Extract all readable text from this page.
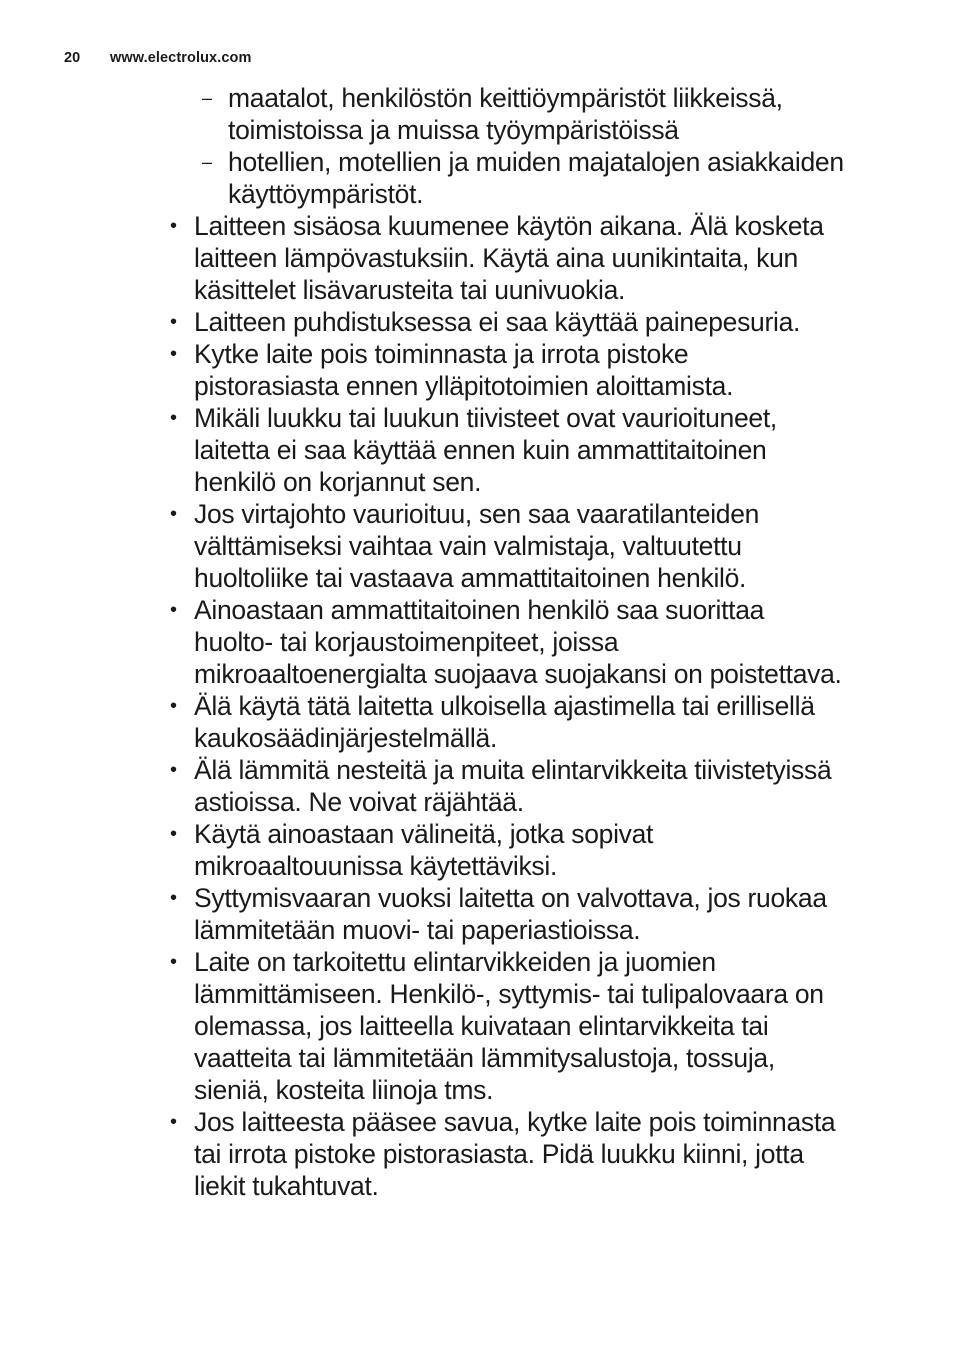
20 www.electrolux.com
– maatalot, henkilöstön keittiöympäristöt liikkeissä,
toimistoissa ja muissa työympäristöissä
– hotellien, motellien ja muiden majatalojen asiakkaiden
käyttöympäristöt.
• Laitteen sisäosa kuumenee käytön aikana. Älä kosketa
laitteen lämpövastuksiin. Käytä aina uunikintaita, kun
käsittelet lisävarusteita tai uunivuokia.
• Laitteen puhdistuksessa ei saa käyttää painepesuria.
• Kytke laite pois toiminnasta ja irrota pistoke
pistorasiasta ennen ylläpitotoimien aloittamista.
• Mikäli luukku tai luukun tiivisteet ovat vaurioituneet,
laitetta ei saa käyttää ennen kuin ammattitaitoinen
henkilö on korjannut sen.
• Jos virtajohto vaurioituu, sen saa vaaratilanteiden
välttämiseksi vaihtaa vain valmistaja, valtuutettu
huoltoliike tai vastaava ammattitaitoinen henkilö.
• Ainoastaan ammattitaitoinen henkilö saa suorittaa
huolto- tai korjaustoimenpiteet, joissa
mikroaaltoenergialta suojaava suojakansi on poistettava.
• Älä käytä tätä laitetta ulkoisella ajastimella tai erillisellä
kaukosäädinjärjestelmällä.
• Älä lämmitä nesteitä ja muita elintarvikkeita tiivistetyissä
astioissa. Ne voivat räjähtää.
• Käytä ainoastaan välineitä, jotka sopivat
mikroaaltouunissa käytettäviksi.
• Syttymisvaaran vuoksi laitetta on valvottava, jos ruokaa
lämmitetään muovi- tai paperiastioissa.
• Laite on tarkoitettu elintarvikkeiden ja juomien
lämmittämiseen. Henkilö-, syttymis- tai tulipalovaara on
olemassa, jos laitteella kuivataan elintarvikkeita tai
vaatteita tai lämmitetään lämmitysalustoja, tossuja,
sieniä, kosteita liinoja tms.
• Jos laitteesta pääsee savua, kytke laite pois toiminnasta
tai irrota pistoke pistorasiasta. Pidä luukku kiinni, jotta
liekit tukahtuvat.
